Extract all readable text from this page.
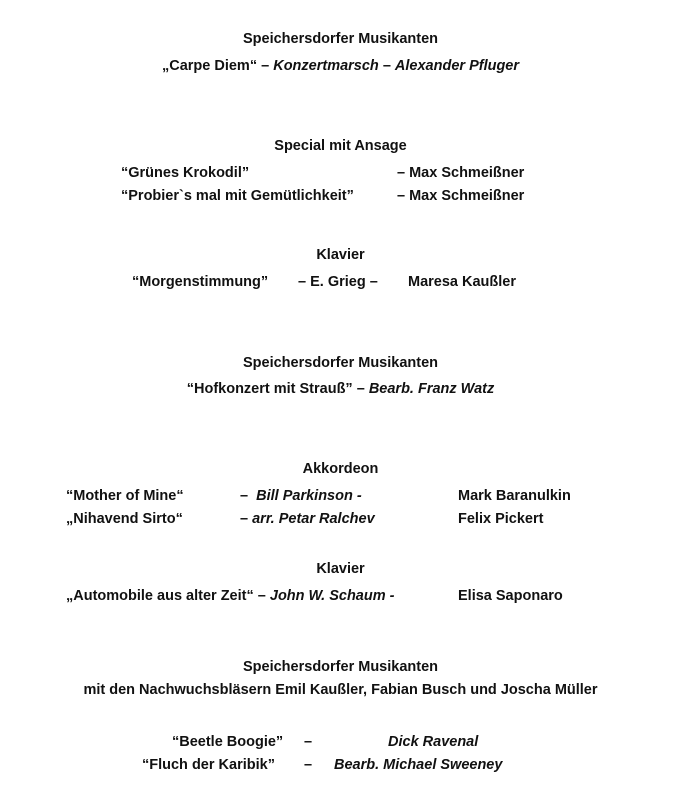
Speichersdorfer Musikanten
„Carpe Diem“ – Konzertmarsch – Alexander Pfluger
Special mit Ansage
“Grünes Krokodil”	– Max Schmeißner
“Probier`s mal mit Gemütlichkeit”	– Max Schmeißner
Klavier
“Morgenstimmung” – E. Grieg – Maresa Kaußler
Speichersdorfer Musikanten
“Hofkonzert mit Strauß” – Bearb. Franz Watz
Akkordeon
“Mother of Mine“	– Bill Parkinson -	Mark Baranulkin
„Nihavend Sirto“	– arr. Petar Ralchev	Felix Pickert
Klavier
„Automobile aus alter Zeit“ – John W. Schaum -	Elisa Saponaro
Speichersdorfer Musikanten
mit den Nachwuchsbläsern Emil Kaußler, Fabian Busch und Joscha Müller
“Beetle Boogie” –	Dick Ravenal
“Fluch der Karibik” – Bearb. Michael Sweeney
